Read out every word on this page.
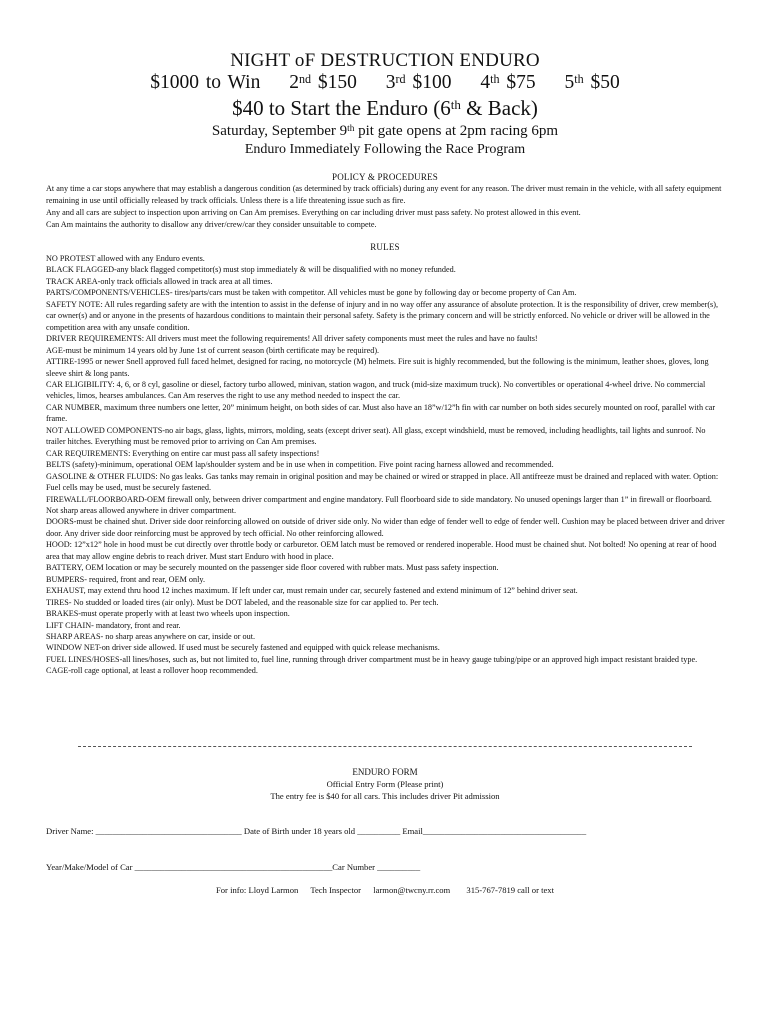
NIGHT oF DESTRUCTION ENDURO
$1000 to Win 2nd $150 3rd $100 4th $75 5th $50
$40 to Start the Enduro (6th & Back)
Saturday, September 9th pit gate opens at 2pm racing 6pm
Enduro Immediately Following the Race Program
POLICY & PROCEDURES

At any time a car stops anywhere that may establish a dangerous condition (as determined by track officials) during any event for any reason. The driver must remain in the vehicle, with all safety equipment remaining in use until officially released by track officials. Unless there is a life threatening issue such as fire.

Any and all cars are subject to inspection upon arriving on Can Am premises. Everything on car including driver must pass safety. No protest allowed in this event.

Can Am maintains the authority to disallow any driver/crew/car they consider unsuitable to compete.

RULES

NO PROTEST allowed with any Enduro events.

BLACK FLAGGED-any black flagged competitor(s) must stop immediately & will be disqualified with no money refunded.

TRACK AREA-only track officials allowed in track area at all times.

PARTS/COMPONENTS/VEHICLES- tires/parts/cars must be taken with competitor. All vehicles must be gone by following day or become property of Can Am.

SAFETY NOTE: All rules regarding safety are with the intention to assist in the defense of injury and in no way offer any assurance of absolute protection. It is the responsibility of driver, crew member(s), car owner(s) and or anyone in the presents of hazardous conditions to maintain their personal safety. Safety is the primary concern and will be strictly enforced. No vehicle or driver will be allowed in the competition area with any unsafe condition.

DRIVER REQUIREMENTS: All drivers must meet the following requirements! All driver safety components must meet the rules and have no faults!

AGE-must be minimum 14 years old by June 1st of current season (birth certificate may be required).

ATTIRE-1995 or newer Snell approved full faced helmet, designed for racing, no motorcycle (M) helmets. Fire suit is highly recommended, but the following is the minimum, leather shoes, gloves, long sleeve shirt & long pants.

CAR ELIGIBILITY: 4, 6, or 8 cyl, gasoline or diesel, factory turbo allowed, minivan, station wagon, and truck (mid-size maximum truck). No convertibles or operational 4-wheel drive. No commercial vehicles, limos, hearses ambulances. Can Am reserves the right to use any method needed to inspect the car.

CAR NUMBER, maximum three numbers one letter, 20” minimum height, on both sides of car. Must also have an 18”w/12”h fin with car number on both sides securely mounted on roof, parallel with car frame.

NOT ALLOWED COMPONENTS-no air bags, glass, lights, mirrors, molding, seats (except driver seat). All glass, except windshield, must be removed, including headlights, tail lights and sunroof. No trailer hitches. Everything must be removed prior to arriving on Can Am premises.

CAR REQUIREMENTS: Everything on entire car must pass all safety inspections!

BELTS (safety)-minimum, operational OEM lap/shoulder system and be in use when in competition. Five point racing harness allowed and recommended.

GASOLINE & OTHER FLUIDS: No gas leaks. Gas tanks may remain in original position and may be chained or wired or strapped in place. All antifreeze must be drained and replaced with water. Option: Fuel cells may be used, must be securely fastened.

FIREWALL/FLOORBOARD-OEM firewall only, between driver compartment and engine mandatory. Full floorboard side to side mandatory. No unused openings larger than 1” in firewall or floorboard. Not sharp areas allowed anywhere in driver compartment.

DOORS-must be chained shut. Driver side door reinforcing allowed on outside of driver side only. No wider than edge of fender well to edge of fender well. Cushion may be placed between driver and driver door. Any driver side door reinforcing must be approved by tech official. No other reinforcing allowed.

HOOD: 12”x12” hole in hood must be cut directly over throttle body or carburetor. OEM latch must be removed or rendered inoperable. Hood must be chained shut. Not bolted! No opening at rear of hood area that may allow engine debris to reach driver. Must start Enduro with hood in place.

BATTERY, OEM location or may be securely mounted on the passenger side floor covered with rubber mats. Must pass safety inspection.

BUMPERS- required, front and rear, OEM only.

EXHAUST, may extend thru hood 12 inches maximum. If left under car, must remain under car, securely fastened and extend minimum of 12” behind driver seat.

TIRES- No studded or loaded tires (air only). Must be DOT labeled, and the reasonable size for car applied to. Per tech.

BRAKES-must operate properly with at least two wheels upon inspection.

LIFT CHAIN- mandatory, front and rear.

SHARP AREAS- no sharp areas anywhere on car, inside or out.

WINDOW NET-on driver side allowed. If used must be securely fastened and equipped with quick release mechanisms.

FUEL LINES/HOSES-all lines/hoses, such as, but not limited to, fuel line, running through driver compartment must be in heavy gauge tubing/pipe or an approved high impact resistant braided type.

CAGE-roll cage optional, at least a rollover hoop recommended.

ENDURO FORM
Official Entry Form (Please print)
The entry fee is $40 for all cars. This includes driver Pit admission
Driver Name: __________________________________ Date of Birth under 18 years old __________ Email______________________________________
Year/Make/Model of Car ______________________________________________Car Number __________
For info: Lloyd Larmon Tech Inspector larmon@twcny.rr.com 315-767-7819 call or text
